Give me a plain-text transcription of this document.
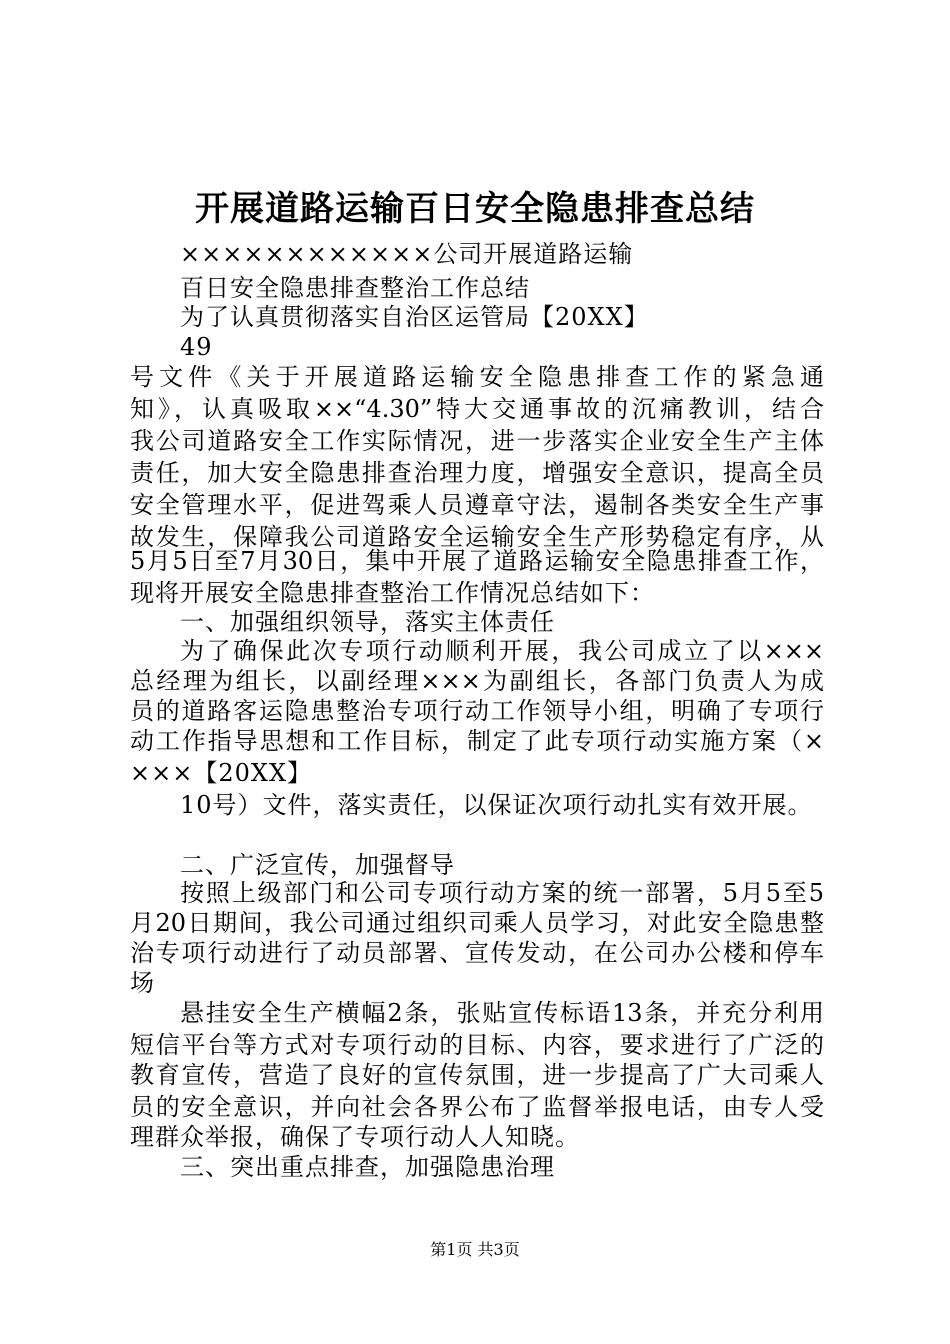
开展道路运输百日安全隐患排查总结
××××××××××××公司开展道路运输
百日安全隐患排查整治工作总结
为了认真贯彻落实自治区运管局【20XX】
49
号文件《关于开展道路运输安全隐患排查工作的紧急通
知》，认真吸取××“4.30”特大交通事故的沉痛教训，结合
我公司道路安全工作实际情况，进一步落实企业安全生产主体
责任，加大安全隐患排查治理力度，增强安全意识，提高全员
安全管理水平，促进驾乘人员遵章守法，遏制各类安全生产事
故发生，保障我公司道路安全运输安全生产形势稳定有序，从
5月5日至7月30日，集中开展了道路运输安全隐患排查工作，
现将开展安全隐患排查整治工作情况总结如下：
一、加强组织领导，落实主体责任
为了确保此次专项行动顺利开展，我公司成立了以×××
总经理为组长，以副经理×××为副组长，各部门负责人为成
员的道路客运隐患整治专项行动工作领导小组，明确了专项行
动工作指导思想和工作目标，制定了此专项行动实施方案（×
×××【20XX】
10号）文件，落实责任，以保证次项行动扎实有效开展。
二、广泛宣传，加强督导
按照上级部门和公司专项行动方案的统一部署，5月5至5
月20日期间，我公司通过组织司乘人员学习，对此安全隐患整
治专项行动进行了动员部署、宣传发动，在公司办公楼和停车
场
悬挂安全生产横幅2条，张贴宣传标语13条，并充分利用
短信平台等方式对专项行动的目标、内容，要求进行了广泛的
教育宣传，营造了良好的宣传氛围，进一步提高了广大司乘人
员的安全意识，并向社会各界公布了监督举报电话，由专人受
理群众举报，确保了专项行动人人知晓。
三、突出重点排查，加强隐患治理
第1页 共3页
